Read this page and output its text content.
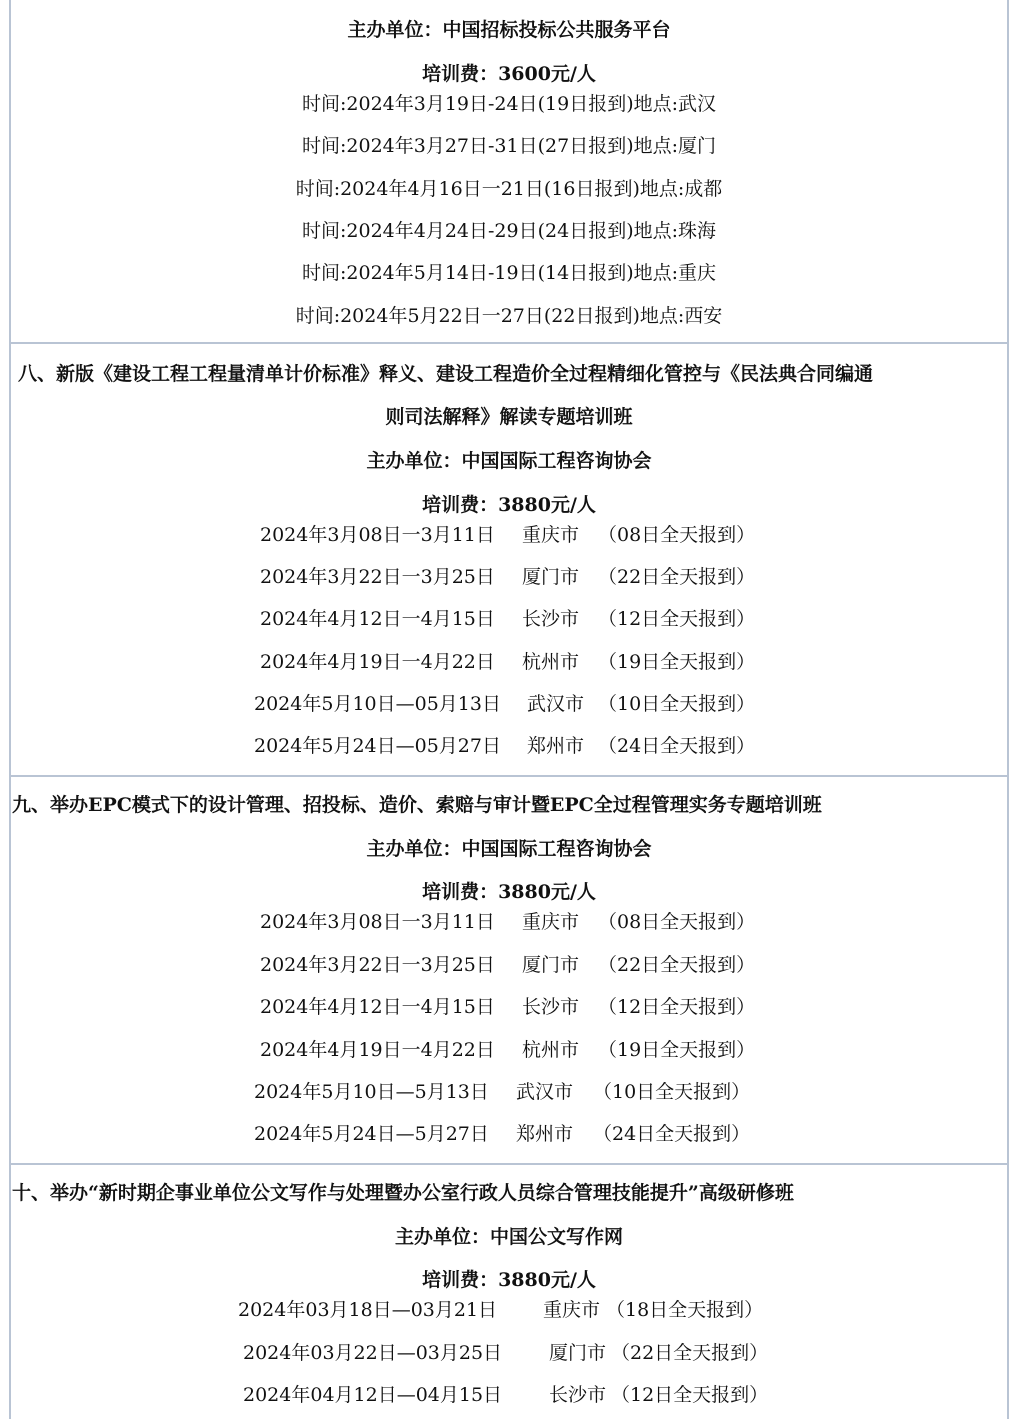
主办单位：中国招标投标公共服务平台
培训费：3600元/人
时间:2024年3月19日-24日(19日报到)地点:武汉
时间:2024年3月27日-31日(27日报到)地点:厦门
时间:2024年4月16日一21日(16日报到)地点:成都
时间:2024年4月24日-29日(24日报到)地点:珠海
时间:2024年5月14日-19日(14日报到)地点:重庆
时间:2024年5月22日一27日(22日报到)地点:西安
八、新版《建设工程工程量清单计价标准》释义、建设工程造价全过程精细化管控与《民法典合同编通
则司法解释》解读专题培训班
主办单位：中国国际工程咨询协会
培训费：3880元/人
2024年3月08日一3月11日 重庆市 （08日全天报到）
2024年3月22日一3月25日 厦门市 （22日全天报到）
2024年4月12日一4月15日 长沙市 （12日全天报到）
2024年4月19日一4月22日 杭州市 （19日全天报到）
2024年5月10日—05月13日 武汉市 （10日全天报到）
2024年5月24日—05月27日 郑州市 （24日全天报到）
九、举办EPC模式下的设计管理、招投标、造价、索赔与审计暨EPC全过程管理实务专题培训班
主办单位：中国国际工程咨询协会
培训费：3880元/人
2024年3月08日一3月11日 重庆市 （08日全天报到）
2024年3月22日一3月25日 厦门市 （22日全天报到）
2024年4月12日一4月15日 长沙市 （12日全天报到）
2024年4月19日一4月22日 杭州市 （19日全天报到）
2024年5月10日—5月13日 武汉市 （10日全天报到）
2024年5月24日—5月27日 郑州市 （24日全天报到）
十、举办“新时期企事业单位公文写作与处理暨办公室行政人员综合管理技能提升”高级研修班
主办单位：中国公文写作网
培训费：3880元/人
2024年03月18日—03月21日 重庆市 （18日全天报到）
2024年03月22日—03月25日 厦门市 （22日全天报到）
2024年04月12日—04月15日 长沙市 （12日全天报到）
